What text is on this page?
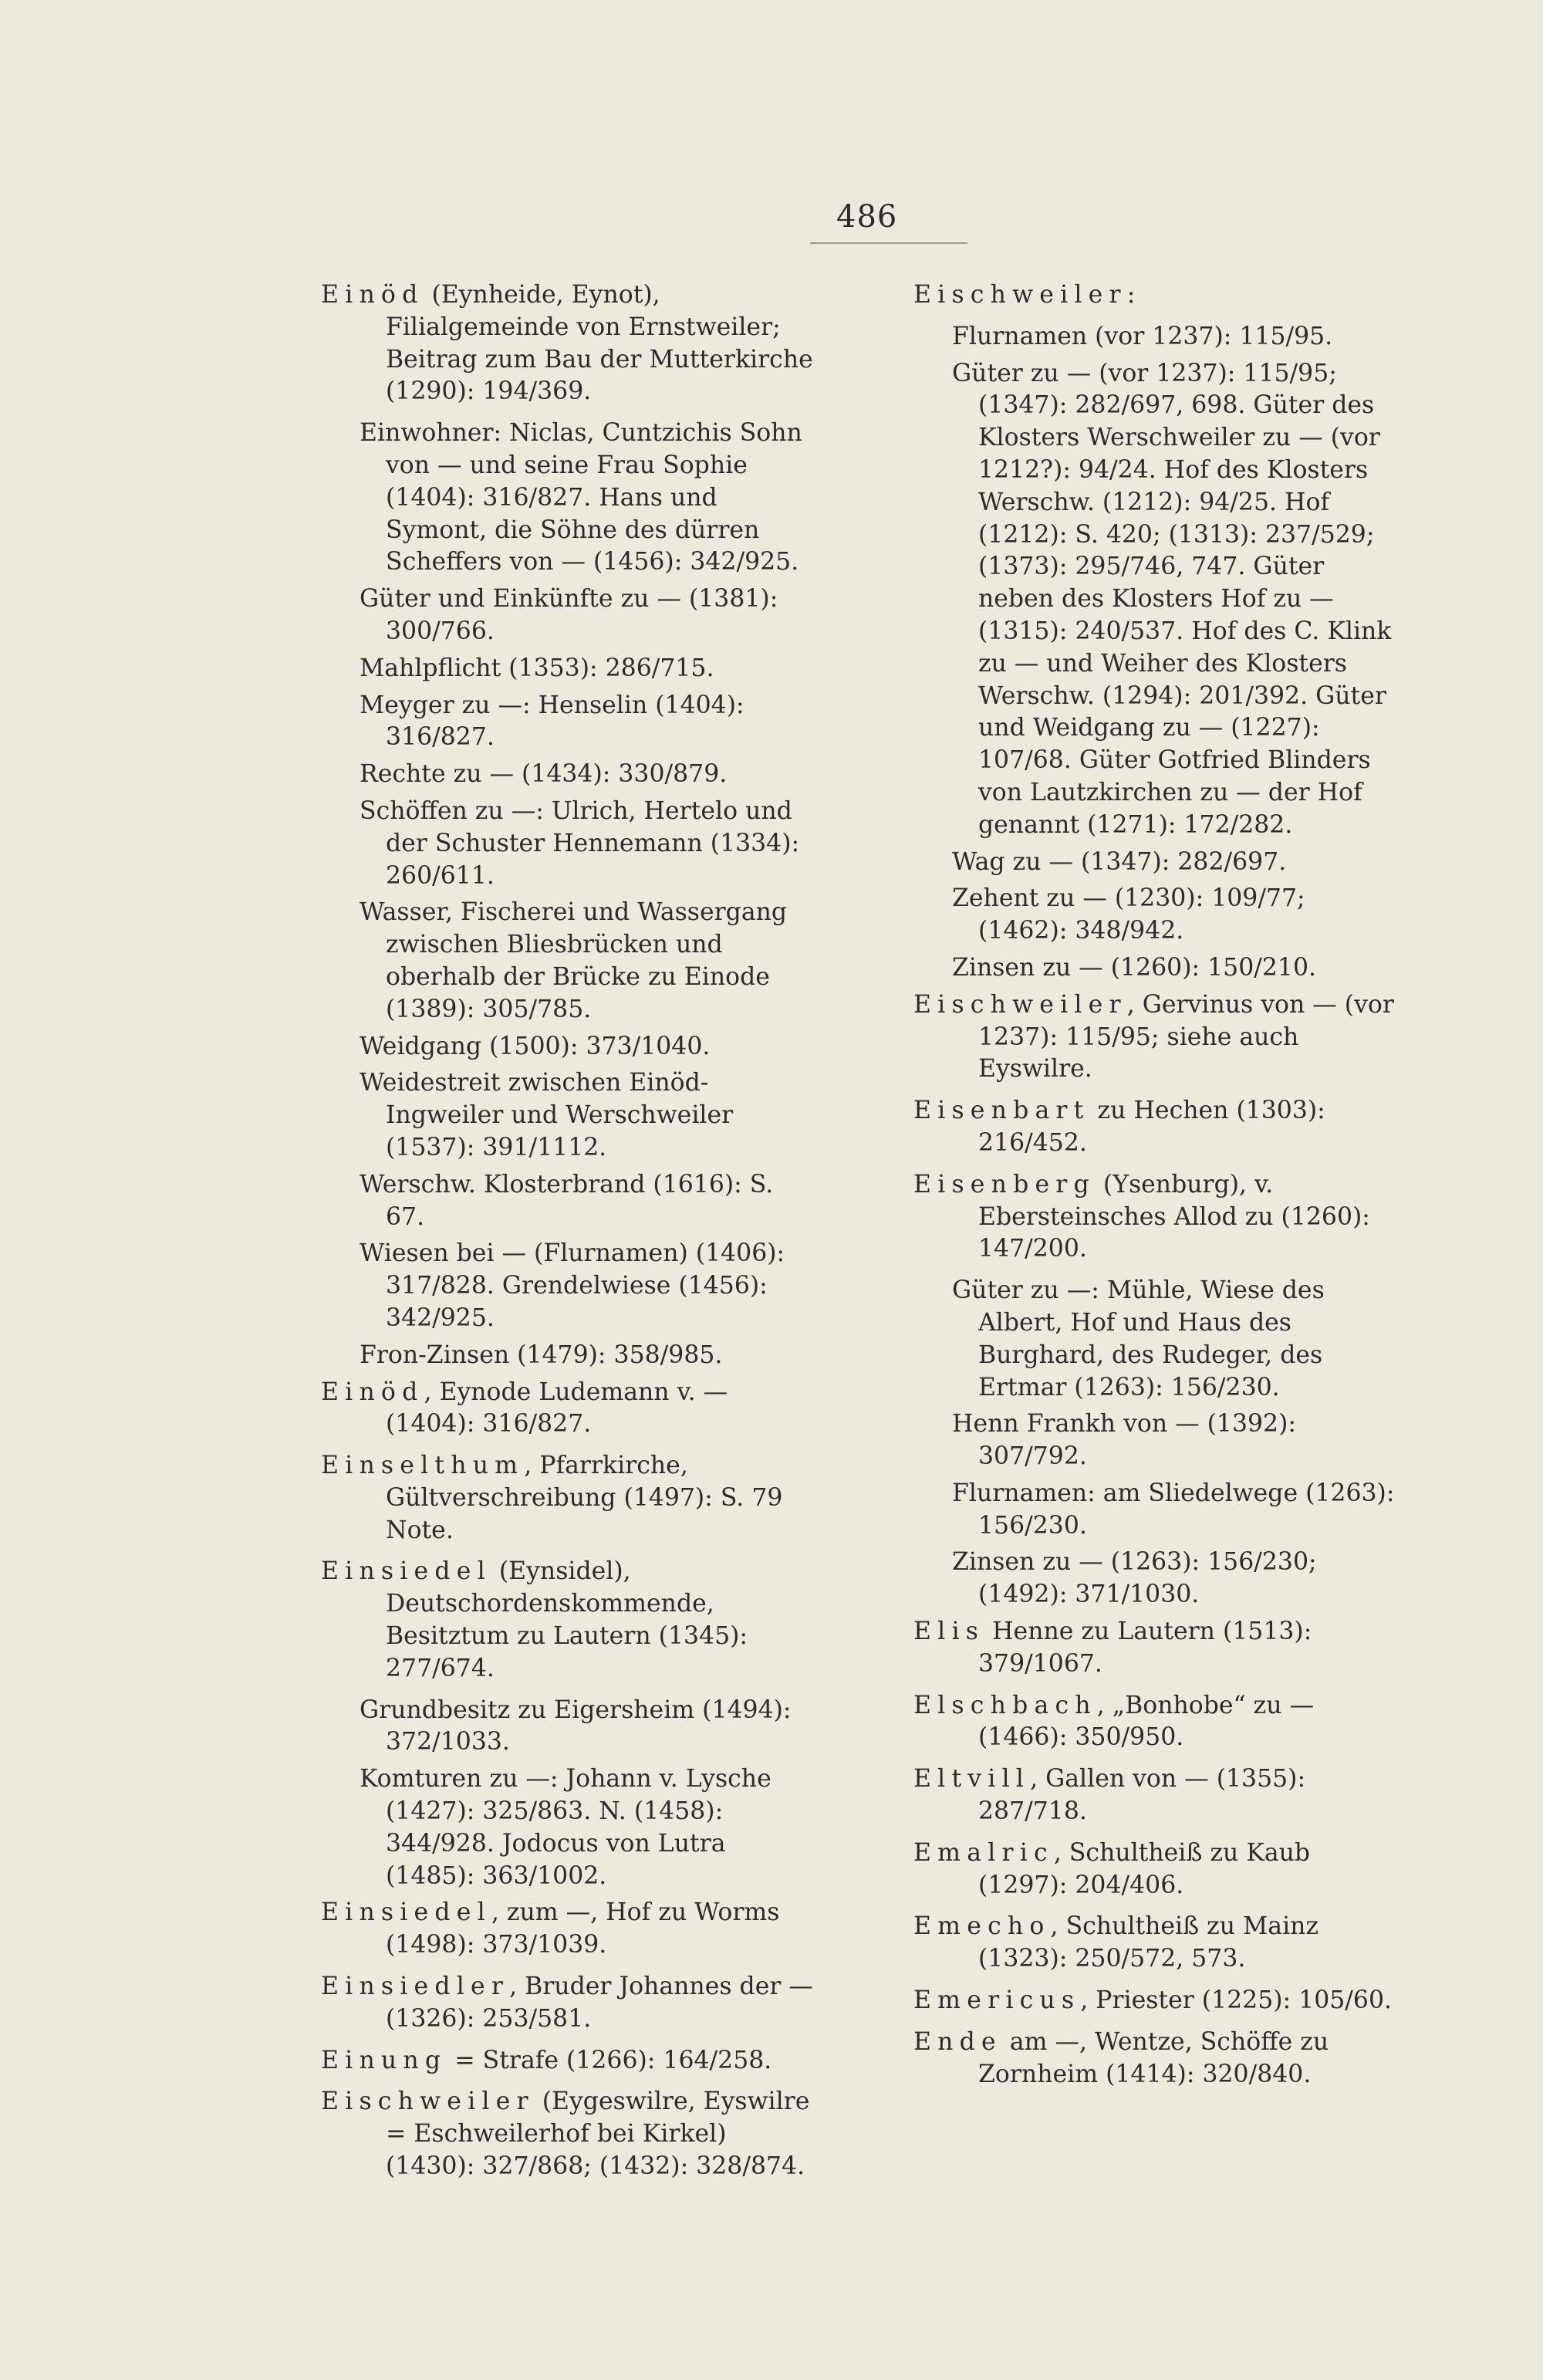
486
Einöd (Eynheide, Eynot), Filialgemeinde von Ernstweiler; Beitrag zum Bau der Mutterkirche (1290): 194/369.
Einwohner: Niclas, Cuntzichis Sohn von — und seine Frau Sophie (1404): 316/827. Hans und Symont, die Söhne des dürren Scheffers von — (1456): 342/925.
Güter und Einkünfte zu — (1381): 300/766.
Mahlpflicht (1353): 286/715.
Meyger zu —: Henselin (1404): 316/827.
Rechte zu — (1434): 330/879.
Schöffen zu —: Ulrich, Hertelo und der Schuster Hennemann (1334): 260/611.
Wasser, Fischerei und Wassergang zwischen Bliesbrücken und oberhalb der Brücke zu Einode (1389): 305/785.
Weidgang (1500): 373/1040.
Weidestreit zwischen Einöd-Ingweiler und Werschweiler (1537): 391/1112.
Werschw. Klosterbrand (1616): S. 67.
Wiesen bei — (Flurnamen) (1406): 317/828. Grendelwiese (1456): 342/925.
Fron-Zinsen (1479): 358/985.
Einöd, Eynode Ludemann v. — (1404): 316/827.
Einselthum, Pfarrkirche, Gültverschreibung (1497): S. 79 Note.
Einsiedel (Eynsidel), Deutschordenskommende, Besitztum zu Lautern (1345): 277/674.
Grundbesitz zu Eigersheim (1494): 372/1033.
Komturen zu —: Johann v. Lysche (1427): 325/863. N. (1458): 344/928. Jodocus von Lutra (1485): 363/1002.
Einsiedel, zum —, Hof zu Worms (1498): 373/1039.
Einsiedler, Bruder Johannes der — (1326): 253/581.
Einung = Strafe (1266): 164/258.
Eischweiler (Eygeswilre, Eyswilre = Eschweilerhof bei Kirkel) (1430): 327/868; (1432): 328/874.
Eischweiler:
Flurnamen (vor 1237): 115/95.
Güter zu — (vor 1237): 115/95; (1347): 282/697, 698. Güter des Klosters Werschweiler zu — (vor 1212?): 94/24. Hof des Klosters Werschw. (1212): 94/25. Hof (1212): S. 420; (1313): 237/529; (1373): 295/746, 747. Güter neben des Klosters Hof zu — (1315): 240/537. Hof des C. Klink zu — und Weiher des Klosters Werschw. (1294): 201/392. Güter und Weidgang zu — (1227): 107/68. Güter Gotfried Blinders von Lautzkirchen zu — der Hof genannt (1271): 172/282.
Wag zu — (1347): 282/697.
Zehent zu — (1230): 109/77; (1462): 348/942.
Zinsen zu — (1260): 150/210.
Eischweiler, Gervinus von — (vor 1237): 115/95; siehe auch Eyswilre.
Eisenbart zu Hechen (1303): 216/452.
Eisenberg (Ysenburg), v. Ebersteinsches Allod zu (1260): 147/200.
Güter zu —: Mühle, Wiese des Albert, Hof und Haus des Burghard, des Rudeger, des Ertmar (1263): 156/230.
Henn Frankh von — (1392): 307/792.
Flurnamen: am Sliedelwege (1263): 156/230.
Zinsen zu — (1263): 156/230; (1492): 371/1030.
Elis Henne zu Lautern (1513): 379/1067.
Elschbach, „Bonhobe“ zu — (1466): 350/950.
Eltvill, Gallen von — (1355): 287/718.
Emalric, Schultheiß zu Kaub (1297): 204/406.
Emecho, Schultheiß zu Mainz (1323): 250/572, 573.
Emericus, Priester (1225): 105/60.
Ende am —, Wentze, Schöffe zu Zornheim (1414): 320/840.
